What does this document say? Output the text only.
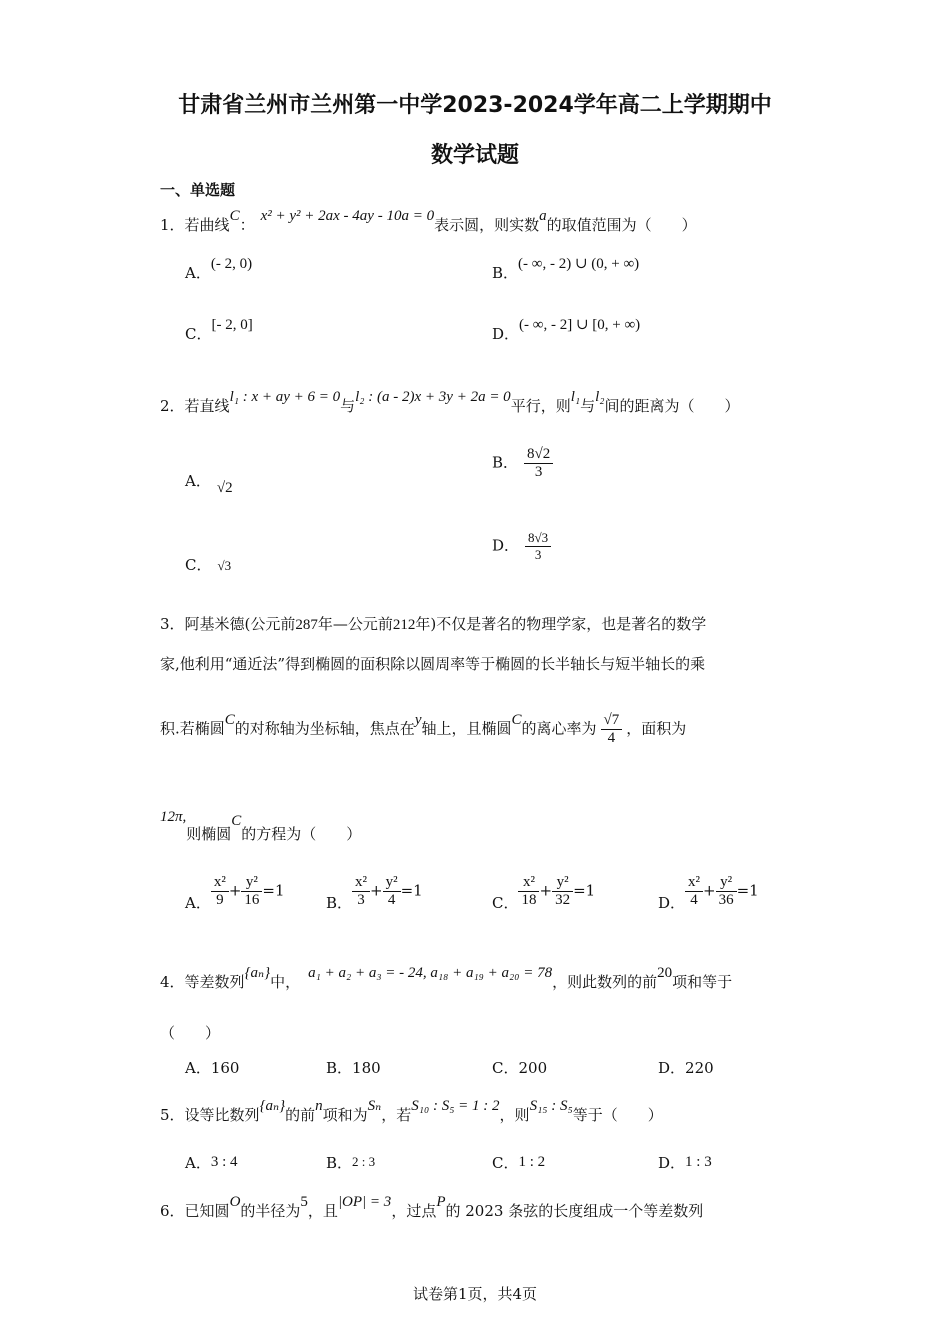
甘肃省兰州市兰州第一中学2023-2024学年高二上学期期中
数学试题
一、单选题
1．若曲线C： x² + y² + 2ax - 4ay - 10a = 0表示圆，则实数a的取值范围为（　　）
A．(- 2, 0)	B．(- ∞, - 2) ∪ (0, + ∞)
C．[- 2, 0]	D．(- ∞, - 2] ∪ [0, + ∞)
2．若直线l₁ : x + ay + 6 = 0与l₂ : (a - 2)x + 3y + 2a = 0平行，则l₁与l₂间的距离为（　　）
A． √2
B． $\frac{8√2}{3}$
C． √3
D． $\frac{8√3}{3}$
3．阿基米德(公元前287年—公元前212年)不仅是著名的物理学家，也是著名的数学
家,他利用“通近法”得到椭圆的面积除以圆周率等于椭圆的长半轴长与短半轴长的乘
积.若椭圆C的对称轴为坐标轴，焦点在y轴上，且椭圆C的离心率为 $\frac{√7}{4}$ ，面积为
12π,则椭圆C的方程为（　　）
A． $\frac{\text{x²}}{9} + \frac{\text{y²}}{16} =1$
B． $\frac{\text{x²}}{3} + \frac{\text{y²}}{4} =1$
C． $\frac{\text{x²}}{18} + \frac{\text{y²}}{32} =1$
D． $\frac{\text{x²}}{4} + \frac{\text{y²}}{36} =1$
4．等差数列{aₙ}中， a₁ + a₂ + a₃ = - 24, a₁₈ + a₁₉ + a₂₀ = 78，则此数列的前20项和等于
（　　）
A．160	B．180	C．200	D．220
5．设等比数列{aₙ}的前n项和为Sₙ，若S₁₀ : S₅ = 1 : 2，则S₁₅ : S₅等于（　　）
A．3 : 4	B．2 : 3	C．1 : 2	D．1 : 3
6．已知圆O的半径为5，且|OP| = 3，过点P的 2023 条弦的长度组成一个等差数列
试卷第1页，共4页
